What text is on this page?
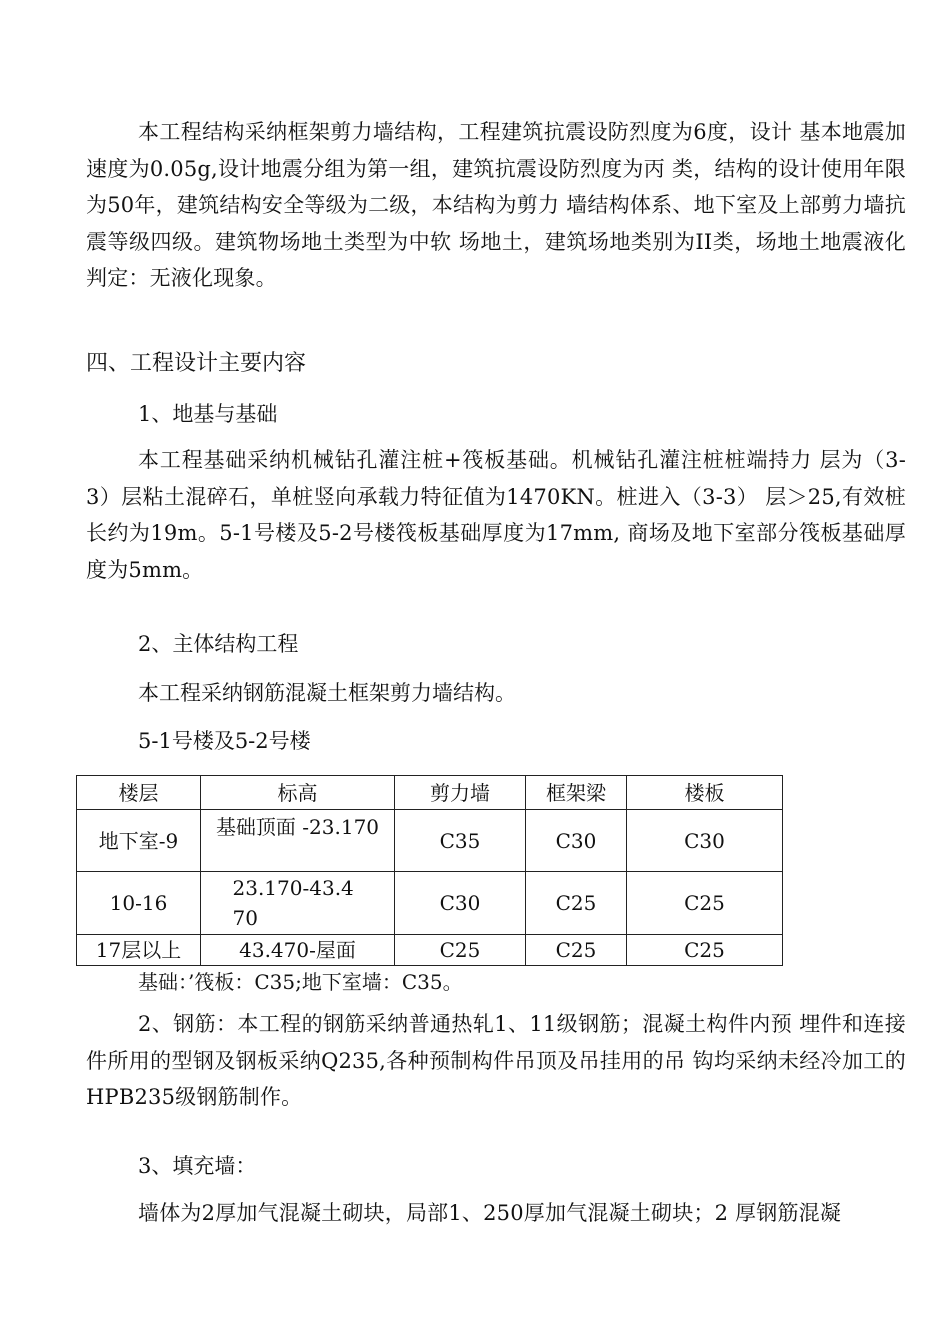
本工程结构采纳框架剪力墙结构，工程建筑抗震设防烈度为6度，设计 基本地震加速度为0.05g,设计地震分组为第一组，建筑抗震设防烈度为丙 类，结构的设计使用年限为50年，建筑结构安全等级为二级，本结构为剪力 墙结构体系、地下室及上部剪力墙抗震等级四级。建筑物场地土类型为中软 场地土，建筑场地类别为II类，场地土地震液化判定：无液化现象。

四、工程设计主要内容

1、地基与基础

本工程基础采纳机械钻孔灌注桩+筏板基础。机械钻孔灌注桩桩端持力 层为（3-3）层粘土混碎石，单桩竖向承载力特征值为1470KN。桩进入（3-3） 层＞25,有效桩长约为19m。5-1号楼及5-2号楼筏板基础厚度为17mm, 商场及地下室部分筏板基础厚度为5mm。

2、主体结构工程

本工程采纳钢筋混凝土框架剪力墙结构。

5-1号楼及5-2号楼

楼层	标高	剪力墙	框架梁	楼板
地下室-9	基础顶面 -23.170	C35	C30	C30
10-16	23.170-43.470	C30	C25	C25
17层以上	43.470-屋面	C25	C25	C25

基础：’筏板：C35;地下室墙：C35。

2、钢筋：本工程的钢筋采纳普通热轧1、11级钢筋；混凝土构件内预 埋件和连接件所用的型钢及钢板采纳Q235,各种预制构件吊顶及吊挂用的吊 钩均采纳未经冷加工的HPB235级钢筋制作。

3、填充墙：

墙体为2厚加气混凝土砌块，局部1、250厚加气混凝土砌块；2 厚钢筋混凝
